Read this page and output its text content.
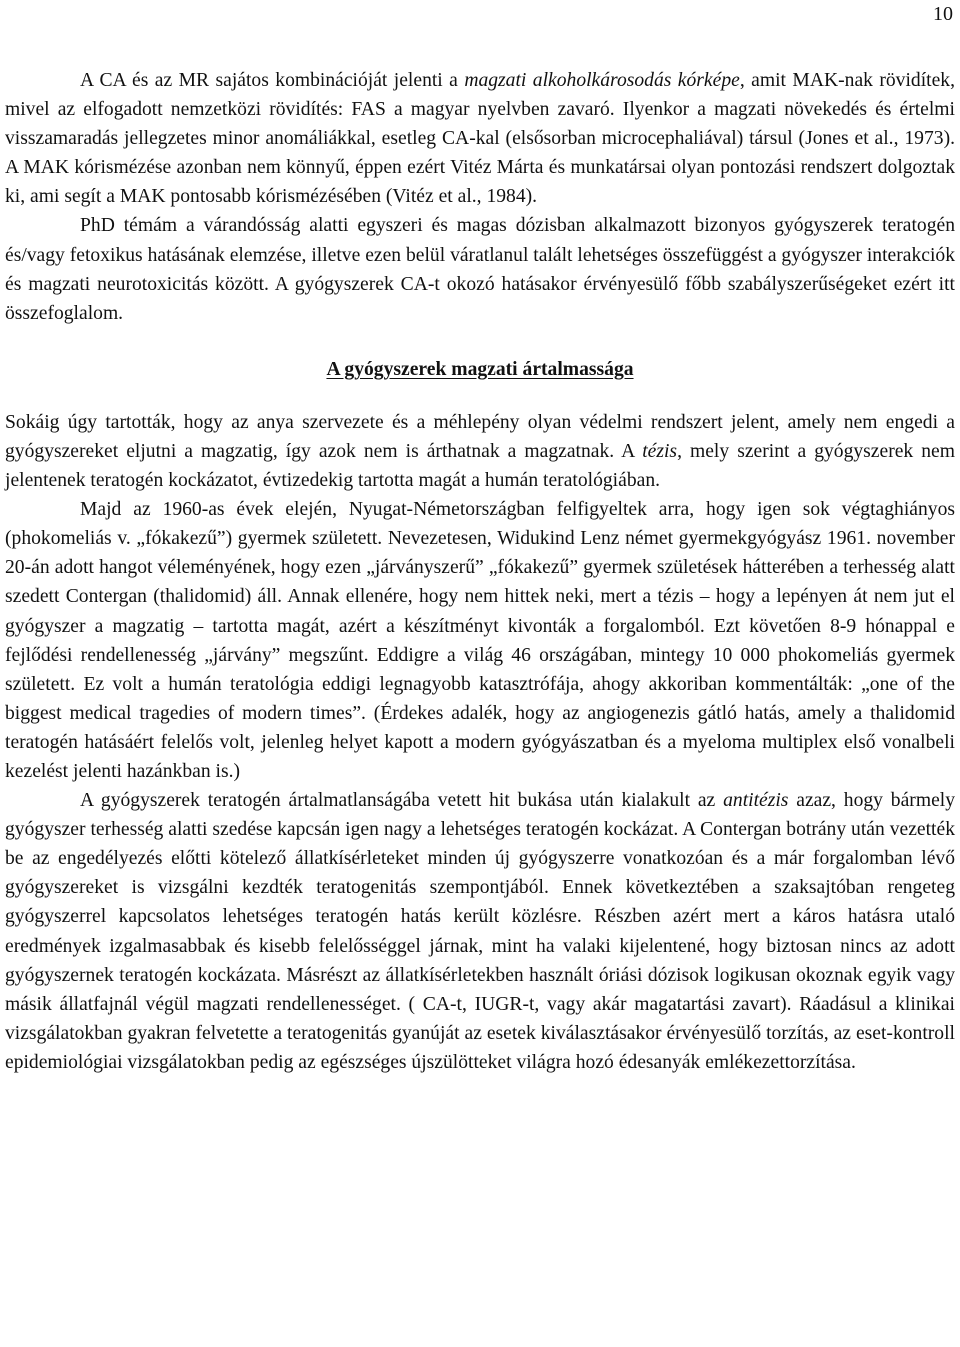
10

A CA és az MR sajátos kombinációját jelenti a magzati alkoholkárosodás kórképe, amit MAK-nak rövidítek, mivel az elfogadott nemzetközi rövidítés: FAS a magyar nyelvben zavaró. Ilyenkor a magzati növekedés és értelmi visszamaradás jellegzetes minor anomáliákkal, esetleg CA-kal (elsősorban microcephaliával) társul (Jones et al., 1973). A MAK kórismézése azonban nem könnyű, éppen ezért Vitéz Márta és munkatársai olyan pontozási rendszert dolgoztak ki, ami segít a MAK pontosabb kórismézésében (Vitéz et al., 1984).

PhD témám a várandósság alatti egyszeri és magas dózisban alkalmazott bizonyos gyógyszerek teratogén és/vagy fetoxikus hatásának elemzése, illetve ezen belül váratlanul talált lehetséges összefüggést a gyógyszer interakciók és magzati neurotoxicitás között. A gyógyszerek CA-t okozó hatásakor érvényesülő főbb szabályszerűségeket ezért itt összefoglalom.

A gyógyszerek magzati ártalmassága

Sokáig úgy tartották, hogy az anya szervezete és a méhlepény olyan védelmi rendszert jelent, amely nem engedi a gyógyszereket eljutni a magzatig, így azok nem is árthatnak a magzatnak. A tézis, mely szerint a gyógyszerek nem jelentenek teratogén kockázatot, évtizedekig tartotta magát a humán teratológiában.

Majd az 1960-as évek elején, Nyugat-Németországban felfigyeltek arra, hogy igen sok végtaghiányos (phokomeliás v. „fókakezű”) gyermek született. Nevezetesen, Widukind Lenz német gyermekgyógyász 1961. november 20-án adott hangot véleményének, hogy ezen „járványszerű” „fókakezű” gyermek születések hátterében a terhesség alatt szedett Contergan (thalidomid) áll. Annak ellenére, hogy nem hittek neki, mert a tézis – hogy a lepényen át nem jut el gyógyszer a magzatig – tartotta magát, azért a készítményt kivonták a forgalomból. Ezt követően 8-9 hónappal e fejlődési rendellenesség „járvány” megszűnt. Eddigre a világ 46 országában, mintegy 10 000 phokomeliás gyermek született. Ez volt a humán teratológia eddigi legnagyobb katasztrófája, ahogy akkoriban kommentálták: „one of the biggest medical tragedies of modern times”. (Érdekes adalék, hogy az angiogenezis gátló hatás, amely a thalidomid teratogén hatásáért felelős volt, jelenleg helyet kapott a modern gyógyászatban és a myeloma multiplex első vonalbeli kezelést jelenti hazánkban is.)

A gyógyszerek teratogén ártalmatlanságába vetett hit bukása után kialakult az antitézis azaz, hogy bármely gyógyszer terhesség alatti szedése kapcsán igen nagy a lehetséges teratogén kockázat. A Contergan botrány után vezették be az engedélyezés előtti kötelező állatkísérleteket minden új gyógyszerre vonatkozóan és a már forgalomban lévő gyógyszereket is vizsgálni kezdték teratogenitás szempontjából. Ennek következtében a szaksajtóban rengeteg gyógyszerrel kapcsolatos lehetséges teratogén hatás került közlésre. Részben azért mert a káros hatásra utaló eredmények izgalmasabbak és kisebb felelősséggel járnak, mint ha valaki kijelentené, hogy biztosan nincs az adott gyógyszernek teratogén kockázata. Másrészt az állatkísérletekben használt óriási dózisok logikusan okoznak egyik vagy másik állatfajnál végül magzati rendellenességet. ( CA-t, IUGR-t, vagy akár magatartási zavart). Ráadásul a klinikai vizsgálatokban gyakran felvetette a teratogenitás gyanúját az esetek kiválasztásakor érvényesülő torzítás, az eset-kontroll epidemiológiai vizsgálatokban pedig az egészséges újszülötteket világra hozó édesanyák emlékezettorzítása.
